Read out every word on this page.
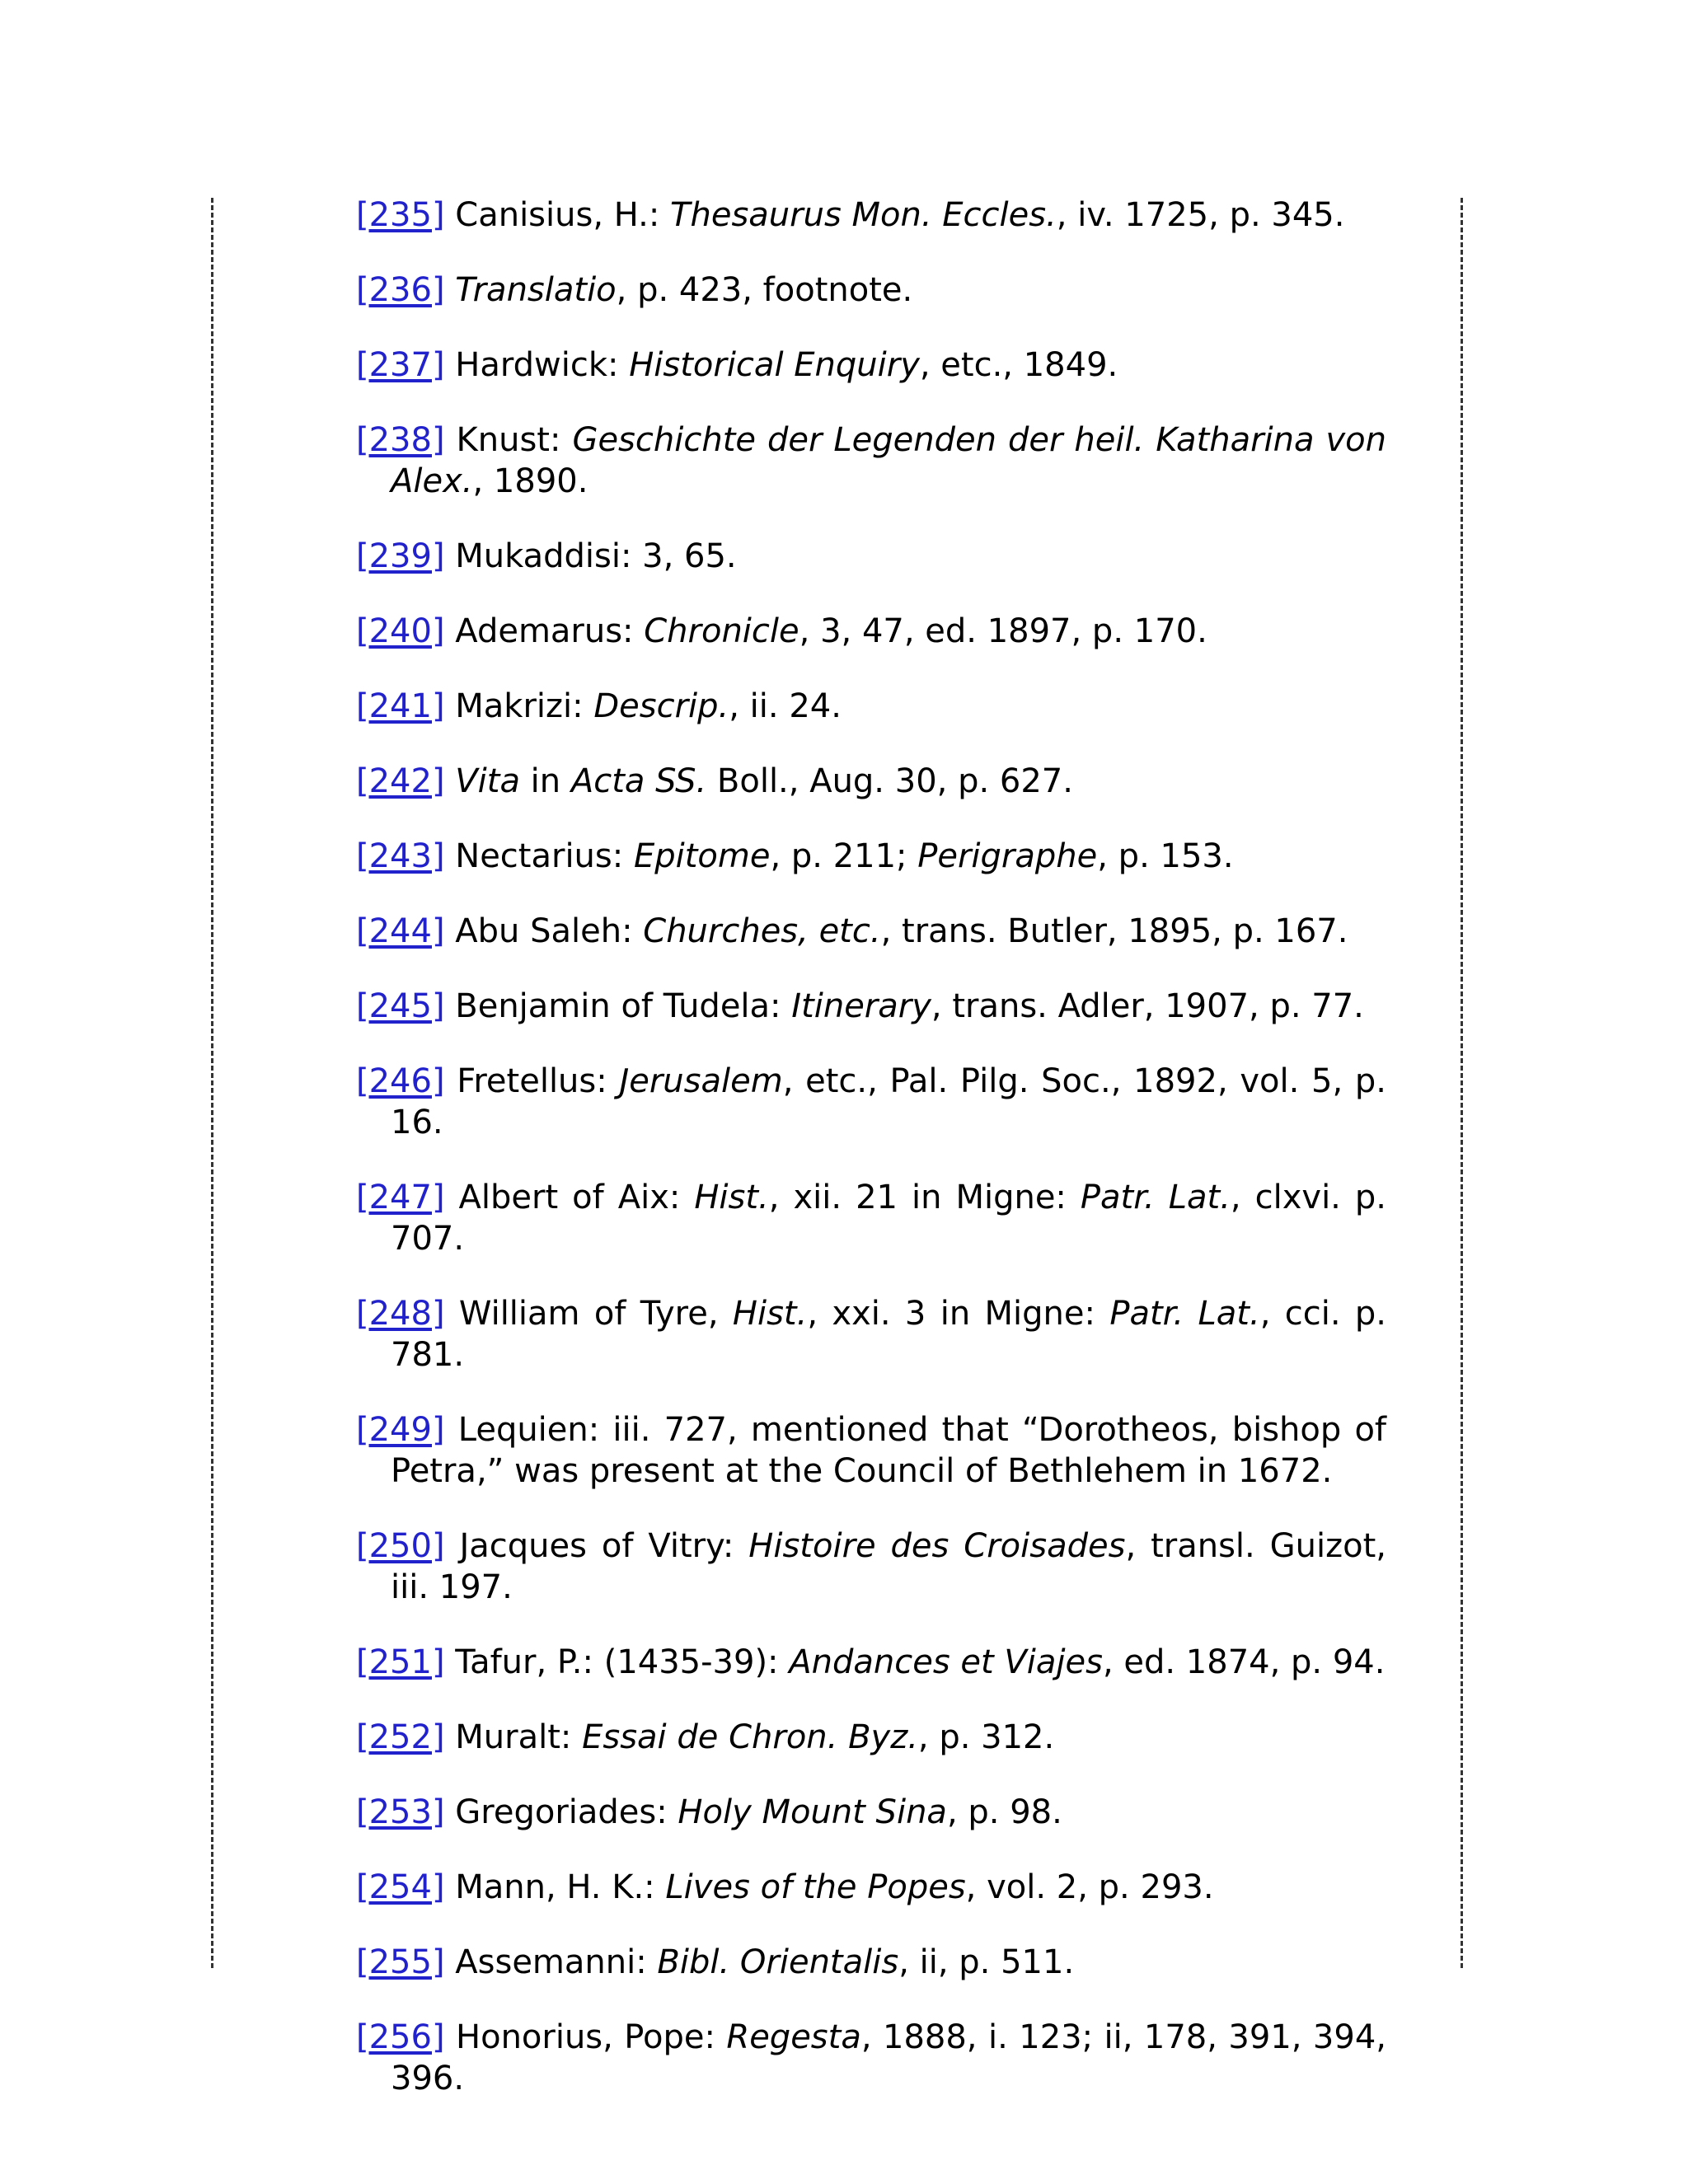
[235] Canisius, H.: Thesaurus Mon. Eccles., iv. 1725, p. 345.
[236] Translatio, p. 423, footnote.
[237] Hardwick: Historical Enquiry, etc., 1849.
[238] Knust: Geschichte der Legenden der heil. Katharina von Alex., 1890.
[239] Mukaddisi: 3, 65.
[240] Ademarus: Chronicle, 3, 47, ed. 1897, p. 170.
[241] Makrizi: Descrip., ii. 24.
[242] Vita in Acta SS. Boll., Aug. 30, p. 627.
[243] Nectarius: Epitome, p. 211; Perigraphe, p. 153.
[244] Abu Saleh: Churches, etc., trans. Butler, 1895, p. 167.
[245] Benjamin of Tudela: Itinerary, trans. Adler, 1907, p. 77.
[246] Fretellus: Jerusalem, etc., Pal. Pilg. Soc., 1892, vol. 5, p. 16.
[247] Albert of Aix: Hist., xii. 21 in Migne: Patr. Lat., clxvi. p. 707.
[248] William of Tyre, Hist., xxi. 3 in Migne: Patr. Lat., cci. p. 781.
[249] Lequien: iii. 727, mentioned that “Dorotheos, bishop of Petra,” was present at the Council of Bethlehem in 1672.
[250] Jacques of Vitry: Histoire des Croisades, transl. Guizot, iii. 197.
[251] Tafur, P.: (1435-39): Andances et Viajes, ed. 1874, p. 94.
[252] Muralt: Essai de Chron. Byz., p. 312.
[253] Gregoriades: Holy Mount Sina, p. 98.
[254] Mann, H. K.: Lives of the Popes, vol. 2, p. 293.
[255] Assemanni: Bibl. Orientalis, ii, p. 511.
[256] Honorius, Pope: Regesta, 1888, i. 123; ii, 178, 391, 394, 396.
